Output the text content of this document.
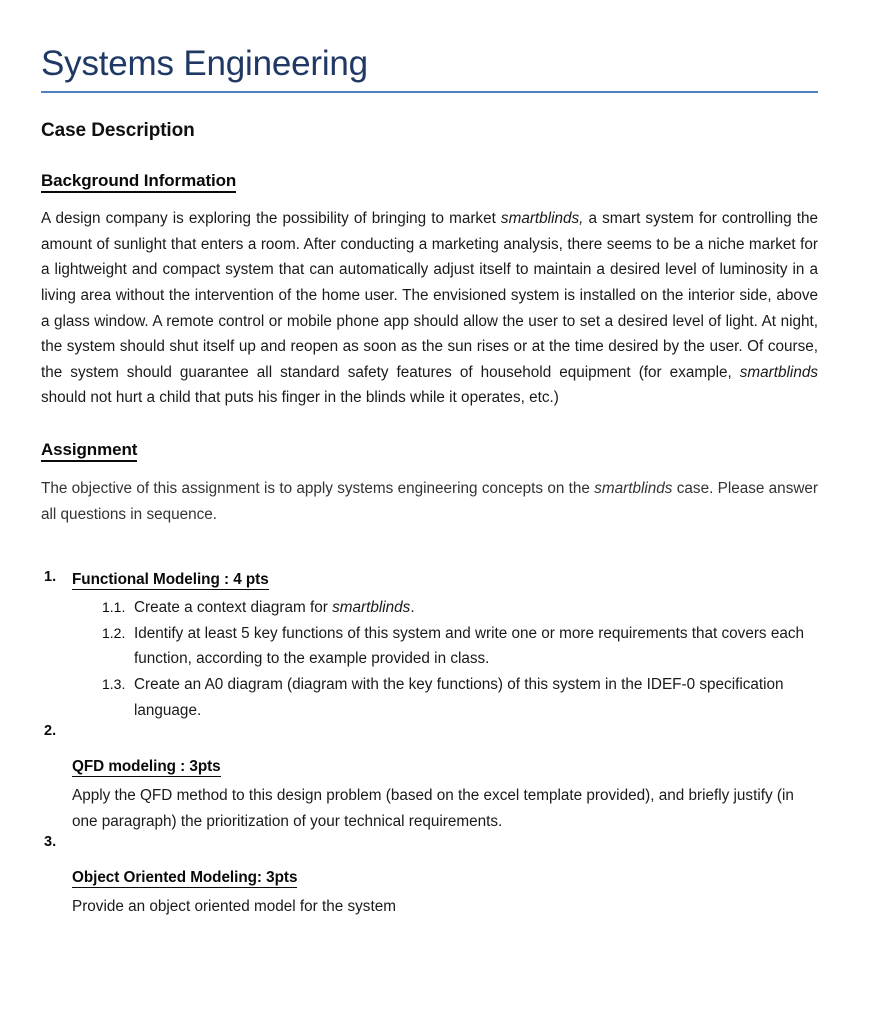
Systems Engineering
Case Description
Background Information

A design company is exploring the possibility of bringing to market smartblinds, a smart system for controlling the amount of sunlight that enters a room. After conducting a marketing analysis, there seems to be a niche market for a lightweight and compact system that can automatically adjust itself to maintain a desired level of luminosity in a living area without the intervention of the home user. The envisioned system is installed on the interior side, above a glass window. A remote control or mobile phone app should allow the user to set a desired level of light. At night, the system should shut itself up and reopen as soon as the sun rises or at the time desired by the user. Of course, the system should guarantee all standard safety features of household equipment (for example, smartblinds should not hurt a child that puts his finger in the blinds while it operates, etc.)

Assignment

The objective of this assignment is to apply systems engineering concepts on the smartblinds case. Please answer all questions in sequence.

1. Functional Modeling : 4 pts

1.1. Create a context diagram for smartblinds.

1.2. Identify at least 5 key functions of this system and write one or more requirements that covers each function, according to the example provided in class.

1.3. Create an A0 diagram (diagram with the key functions) of this system in the IDEF-0 specification language.

2.

QFD modeling : 3pts

Apply the QFD method to this design problem (based on the excel template provided), and briefly justify (in one paragraph) the prioritization of your technical requirements.

3.

Object Oriented Modeling: 3pts

Provide an object oriented model for the system
